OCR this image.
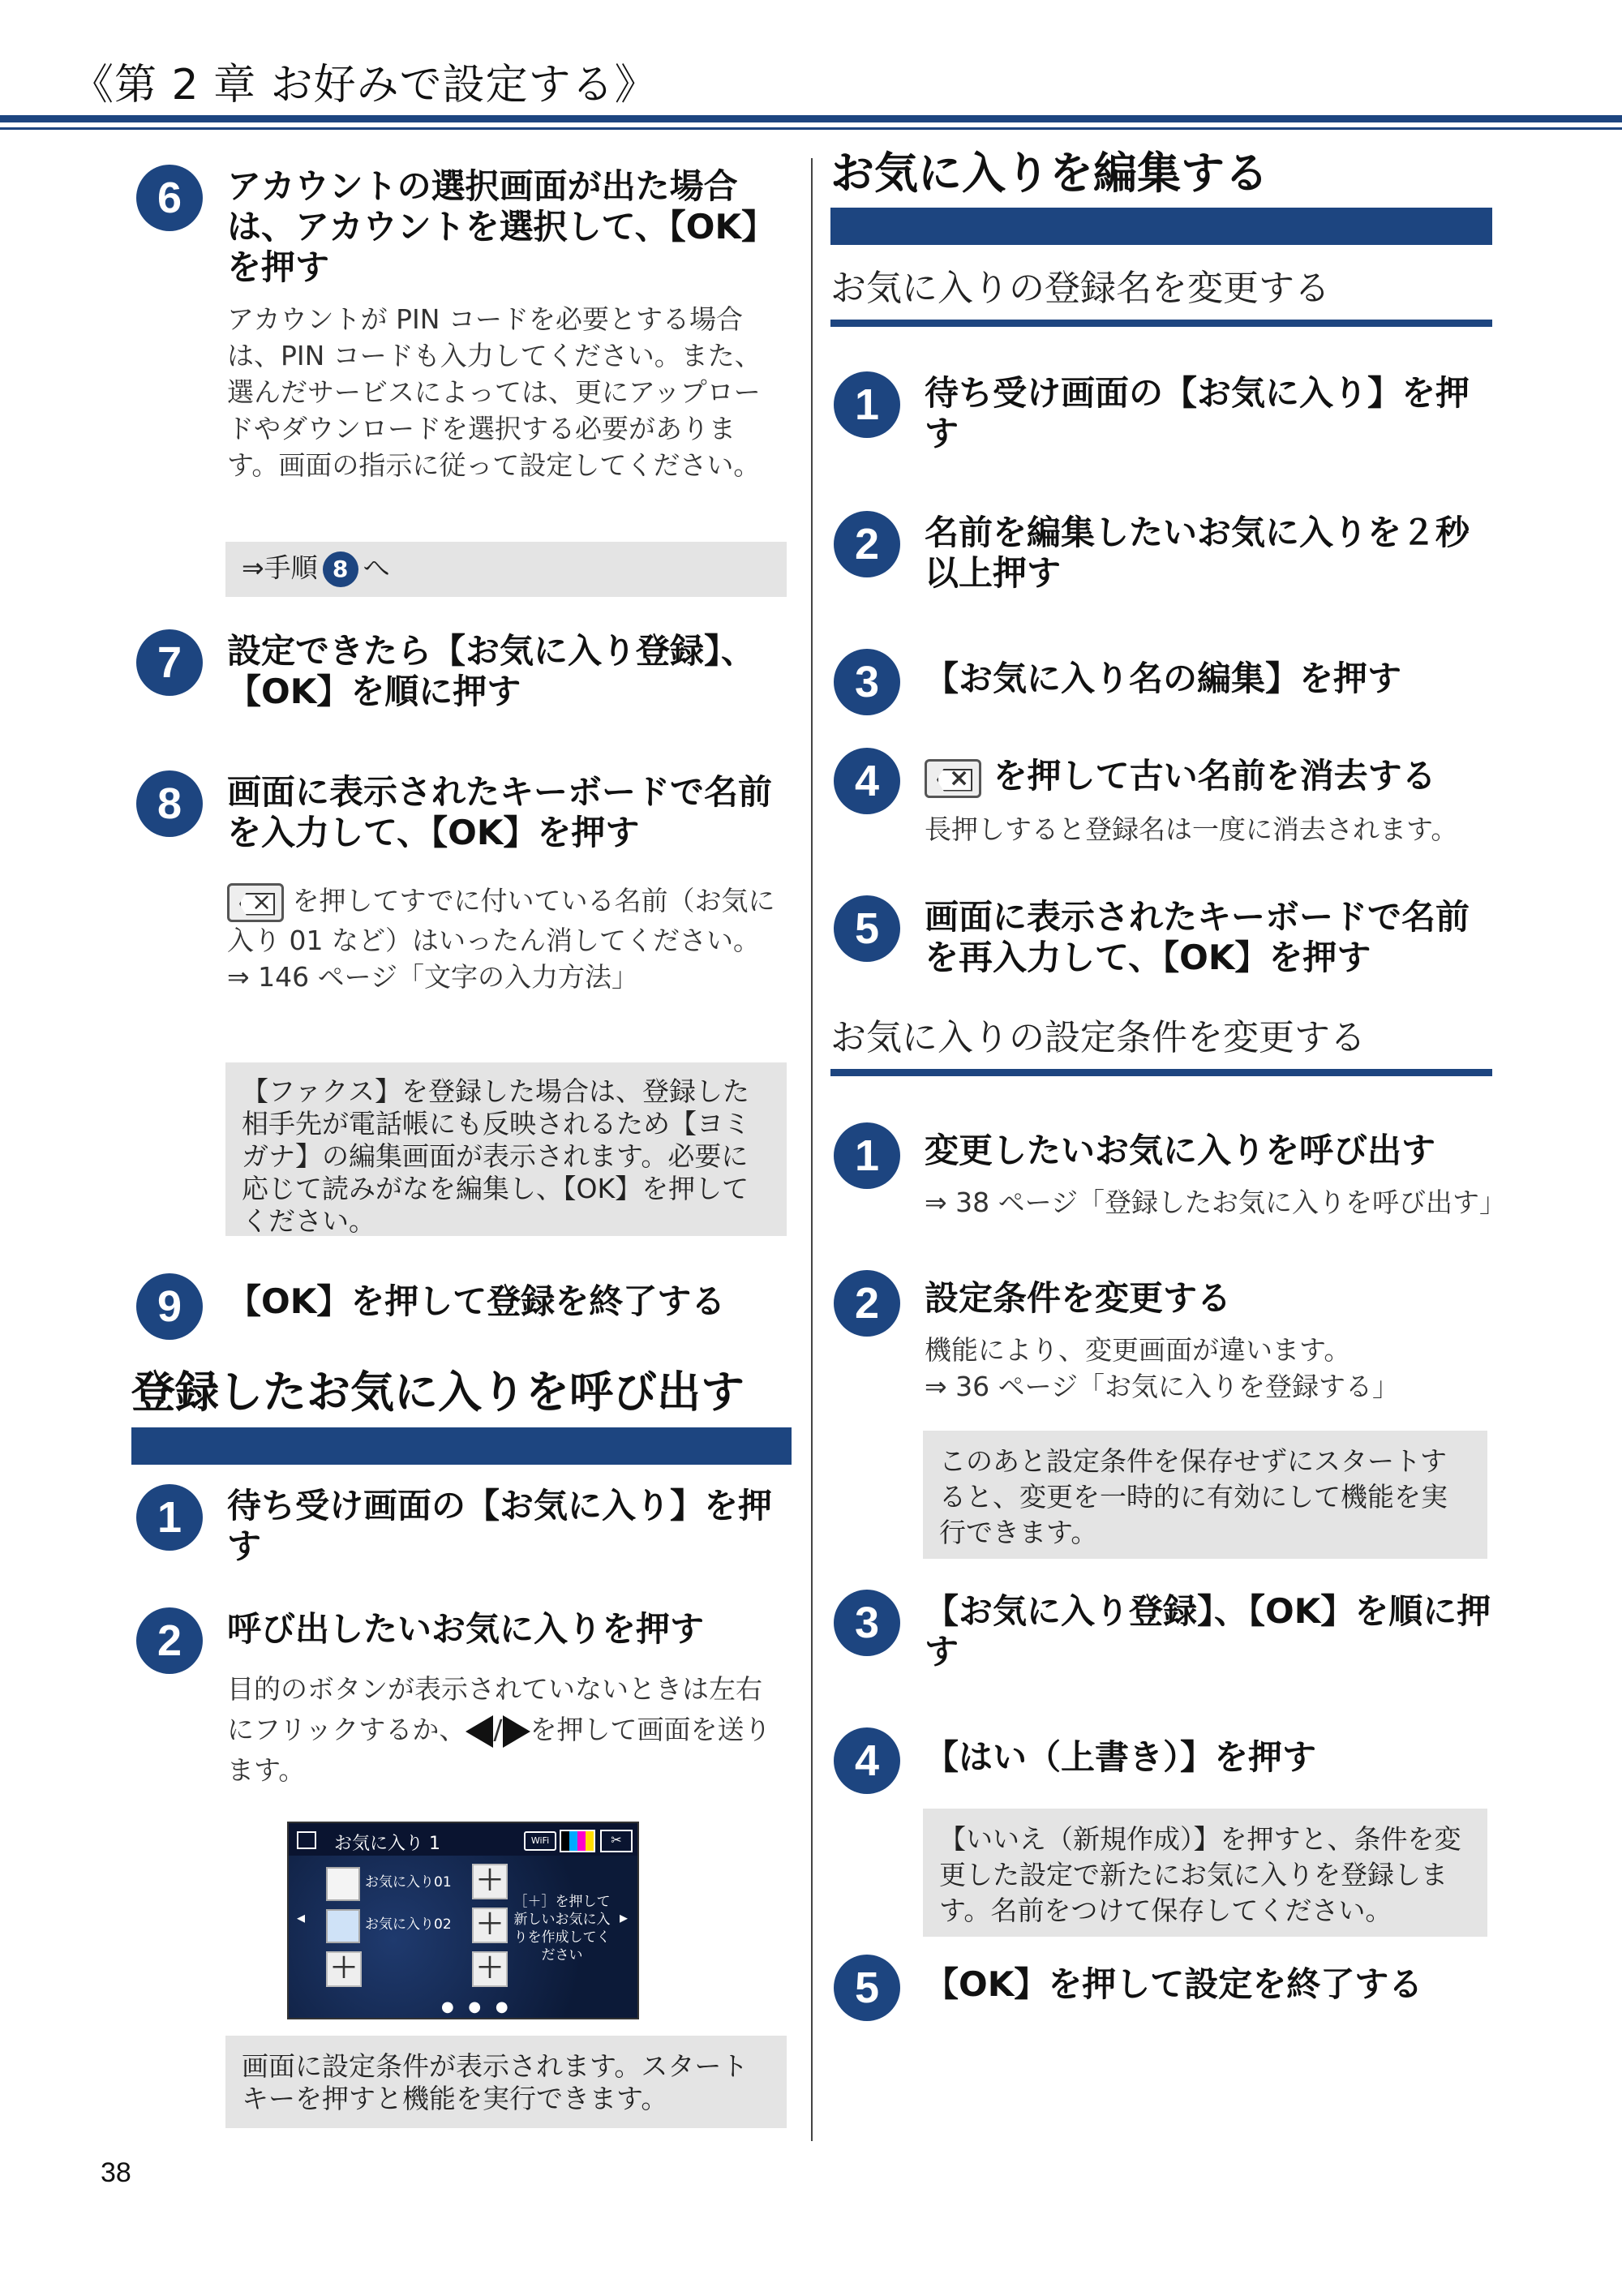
《第 2 章 お好みで設定する》
6	アカウントの選択画面が出た場合は、アカウントを選択して、【OK】を押す
アカウントが PIN コードを必要とする場合は、PIN コードも入力してください。また、選んだサービスによっては、更にアップロードやダウンロードを選択する必要があります。画面の指示に従って設定してください。
⇒手順 8 へ
7	設定できたら【お気に入り登録】、【OK】を順に押す
8	画面に表示されたキーボードで名前を入力して、【OK】を押す
× を押してすでに付いている名前（お気に入り 01 など）はいったん消してください。
⇒ 146 ページ「文字の入力方法」
【ファクス】を登録した場合は、登録した相手先が電話帳にも反映されるため【ヨミガナ】の編集画面が表示されます。必要に応じて読みがなを編集し、【OK】を押してください。
9	【OK】を押して登録を終了する
登録したお気に入りを呼び出す
1	待ち受け画面の【お気に入り】を押す
2	呼び出したいお気に入りを押す
目的のボタンが表示されていないときは左右にフリックするか、 / を押して画面を送ります。
お気に入り 1	WiFi	✂
お気に入り01
お気に入り02
＋
＋
＋
＋
［＋］を押して新しいお気に入りを作成してください
◂	▸
● ● ●
画面に設定条件が表示されます。スタートキーを押すと機能を実行できます。
お気に入りを編集する
お気に入りの登録名を変更する
1	待ち受け画面の【お気に入り】を押す
2	名前を編集したいお気に入りを２秒以上押す
3	【お気に入り名の編集】を押す
4
×	を押して古い名前を消去する
長押しすると登録名は一度に消去されます。
5	画面に表示されたキーボードで名前を再入力して、【OK】を押す
お気に入りの設定条件を変更する
1	変更したいお気に入りを呼び出す
⇒ 38 ページ「登録したお気に入りを呼び出す」
2	設定条件を変更する
機能により、変更画面が違います。
⇒ 36 ページ「お気に入りを登録する」
このあと設定条件を保存せずにスタートすると、変更を一時的に有効にして機能を実行できます。
3	【お気に入り登録】、【OK】を順に押す
4	【はい（上書き）】を押す
【いいえ（新規作成）】を押すと、条件を変更した設定で新たにお気に入りを登録します。名前をつけて保存してください。
5	【OK】を押して設定を終了する
38
